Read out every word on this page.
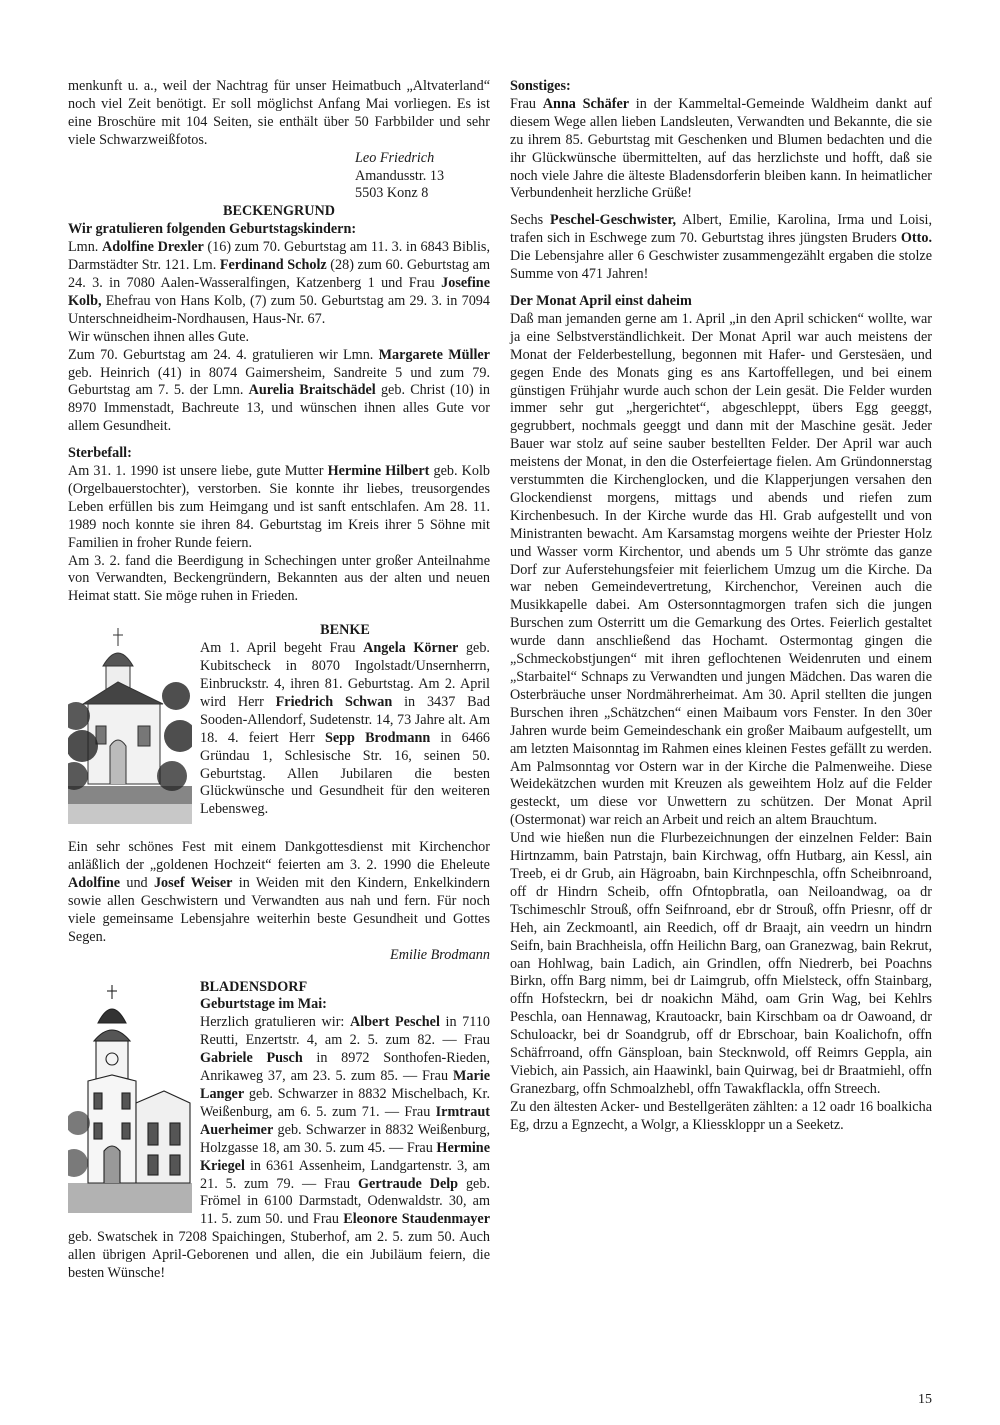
menkunft u. a., weil der Nachtrag für unser Heimatbuch „Altvaterland“ noch viel Zeit benötigt. Er soll möglichst Anfang Mai vorliegen. Es ist eine Broschüre mit 104 Seiten, sie enthält über 50 Farbbilder und sehr viele Schwarzweißfotos.

Leo Friedrich
Amandusstr. 13
5503 Konz 8
BECKENGRUND
Wir gratulieren folgenden Geburtstagskindern:

Lmn. Adolfine Drexler (16) zum 70. Geburtstag am 11. 3. in 6843 Biblis, Darmstädter Str. 121. Lm. Ferdinand Scholz (28) zum 60. Geburtstag am 24. 3. in 7080 Aalen-Wasseralfingen, Katzenberg 1 und Frau Josefine Kolb, Ehefrau von Hans Kolb, (7) zum 50. Geburtstag am 29. 3. in 7094 Unterschneidheim-Nordhausen, Haus-Nr. 67.

Wir wünschen ihnen alles Gute.

Zum 70. Geburtstag am 24. 4. gratulieren wir Lmn. Margarete Müller geb. Heinrich (41) in 8074 Gaimersheim, Sandreite 5 und zum 79. Geburtstag am 7. 5. der Lmn. Aurelia Braitschädel geb. Christ (10) in 8970 Immenstadt, Bachreute 13, und wünschen ihnen alles Gute vor allem Gesundheit.

Sterbefall:

Am 31. 1. 1990 ist unsere liebe, gute Mutter Hermine Hilbert geb. Kolb (Orgelbauerstochter), verstorben. Sie konnte ihr liebes, treusorgendes Leben erfüllen bis zum Heimgang und ist sanft entschlafen. Am 28. 11. 1989 noch konnte sie ihren 84. Geburtstag im Kreis ihrer 5 Söhne mit Familien in froher Runde feiern.

Am 3. 2. fand die Beerdigung in Schechingen unter großer Anteilnahme von Verwandten, Beckengründern, Bekannten aus der alten und neuen Heimat statt. Sie möge ruhen in Frieden.

BENKE

Am 1. April begeht Frau Angela Körner geb. Kubitscheck in 8070 Ingolstadt/Unsernherrn, Einbruckstr. 4, ihren 81. Geburtstag. Am 2. April wird Herr Friedrich Schwan in 3437 Bad Sooden-Allendorf, Sudetenstr. 14, 73 Jahre alt. Am 18. 4. feiert Herr Sepp Brodmann in 6466 Gründau 1, Schlesische Str. 16, seinen 50. Geburtstag. Allen Jubilaren die besten Glückwünsche und Gesundheit für den weiteren Lebensweg.

Ein sehr schönes Fest mit einem Dankgottesdienst mit Kirchenchor anläßlich der „goldenen Hochzeit“ feierten am 3. 2. 1990 die Eheleute Adolfine und Josef Weiser in Weiden mit den Kindern, Enkelkindern sowie allen Geschwistern und Verwandten aus nah und fern. Für noch viele gemeinsame Lebensjahre weiterhin beste Gesundheit und Gottes Segen.

Emilie Brodmann
BLADENSDORF
Geburtstage im Mai:

Herzlich gratulieren wir: Albert Peschel in 7110 Reutti, Enzertstr. 4, am 2. 5. zum 82. — Frau Gabriele Pusch in 8972 Sonthofen-Rieden, Anrikaweg 37, am 23. 5. zum 85. — Frau Marie Langer geb. Schwarzer in 8832 Mischelbach, Kr. Weißenburg, am 6. 5. zum 71. — Frau Irmtraut Auerheimer geb. Schwarzer in 8832 Weißenburg, Holzgasse 18, am 30. 5. zum 45. — Frau Hermine Kriegel in 6361 Assenheim, Landgartenstr. 3, am 21. 5. zum 79. — Frau Gertraude Delp geb. Frömel in 6100 Darmstadt, Odenwaldstr. 30, am 11. 5. zum 50. und Frau Eleonore Staudenmayer geb. Swatschek in 7208 Spaichingen, Stuberhof, am 2. 5. zum 50. Auch allen übrigen April-Geborenen und allen, die ein Jubiläum feiern, die besten Wünsche!

Sonstiges:

Frau Anna Schäfer in der Kammeltal-Gemeinde Waldheim dankt auf diesem Wege allen lieben Landsleuten, Verwandten und Bekannte, die sie zu ihrem 85. Geburtstag mit Geschenken und Blumen bedachten und die ihr Glückwünsche übermittelten, auf das herzlichste und hofft, daß sie noch viele Jahre die älteste Bladensdorferin bleiben kann. In heimatlicher Verbundenheit herzliche Grüße!

Sechs Peschel-Geschwister, Albert, Emilie, Karolina, Irma und Loisi, trafen sich in Eschwege zum 70. Geburtstag ihres jüngsten Bruders Otto. Die Lebensjahre aller 6 Geschwister zusammengezählt ergaben die stolze Summe von 471 Jahren!

Der Monat April einst daheim

Daß man jemanden gerne am 1. April „in den April schicken“ wollte, war ja eine Selbstverständlichkeit. Der Monat April war auch meistens der Monat der Felderbestellung, begonnen mit Hafer- und Gerstesäen, und gegen Ende des Monats ging es ans Kartoffellegen, und bei einem günstigen Frühjahr wurde auch schon der Lein gesät. Die Felder wurden immer sehr gut „hergerichtet“, abgeschleppt, übers Egg geeggt, gegrubbert, nochmals geeggt und dann mit der Maschine gesät. Jeder Bauer war stolz auf seine sauber bestellten Felder. Der April war auch meistens der Monat, in den die Osterfeiertage fielen. Am Gründonnerstag verstummten die Kirchenglocken, und die Klapperjungen versahen den Glockendienst morgens, mittags und abends und riefen zum Kirchenbesuch. In der Kirche wurde das Hl. Grab aufgestellt und von Ministranten bewacht. Am Karsamstag morgens weihte der Priester Holz und Wasser vorm Kirchentor, und abends um 5 Uhr strömte das ganze Dorf zur Auferstehungsfeier mit feierlichem Umzug um die Kirche. Da war neben Gemeindevertretung, Kirchenchor, Vereinen auch die Musikkapelle dabei. Am Ostersonntagmorgen trafen sich die jungen Burschen zum Osterritt um die Gemarkung des Ortes. Feierlich gestaltet wurde dann anschließend das Hochamt. Ostermontag gingen die „Schmeckobstjungen“ mit ihren geflochtenen Weidenruten und einem „Starbaitel“ Schnaps zu Verwandten und jungen Mädchen. Das waren die Osterbräuche unser Nordmährerheimat. Am 30. April stellten die jungen Burschen ihren „Schätzchen“ einen Maibaum vors Fenster. In den 30er Jahren wurde beim Gemeindeschank ein großer Maibaum aufgestellt, um am letzten Maisonntag im Rahmen eines kleinen Festes gefällt zu werden. Am Palmsonntag vor Ostern war in der Kirche die Palmenweihe. Diese Weidekätzchen wurden mit Kreuzen als geweihtem Holz auf die Felder gesteckt, um diese vor Unwettern zu schützen. Der Monat April (Ostermonat) war reich an Arbeit und reich an altem Brauchtum.

Und wie hießen nun die Flurbezeichnungen der einzelnen Felder: Bain Hirtnzamm, bain Patrstajn, bain Kirchwag, offn Hutbarg, ain Kessl, ain Treeb, ei dr Grub, ain Hägroabn, bain Kirchnpeschla, offn Scheibnroand, off dr Hindrn Scheib, offn Ofntopbratla, oan Neiloandwag, oa dr Tschimeschlr Strouß, offn Seifnroand, ebr dr Strouß, offn Priesnr, off dr Heh, ain Zeckmoantl, ain Reedich, off dr Braajt, ain veedrn un hindrn Seifn, bain Brachheisla, offn Heilichn Barg, oan Granezwag, bain Rekrut, oan Hohlwag, bain Ladich, ain Grindlen, offn Niedrerb, bei Poachns Birkn, offn Barg nimm, bei dr Laimgrub, offn Mielsteck, offn Stainbarg, offn Hofsteckrn, bei dr noakichn Mähd, oam Grin Wag, bei Kehlrs Peschla, oan Hennawag, Krautoackr, bain Kirschbam oa dr Oawoand, dr Schuloackr, bei dr Soandgrub, off dr Ebrschoar, bain Koalichofn, offn Schäfrroand, offn Gänsploan, bain Stecknwold, off Reimrs Geppla, ain Viebich, ain Passich, ain Haawinkl, bain Quirwag, bei dr Braatmiehl, offn Granezbarg, offn Schmoalzhebl, offn Tawakflackla, offn Streech.

Zu den ältesten Acker- und Bestellgeräten zählten: a 12 oadr 16 boalkicha Eg, drzu a Egnzecht, a Wolgr, a Kliesskloppr un a Seeketz.

15
